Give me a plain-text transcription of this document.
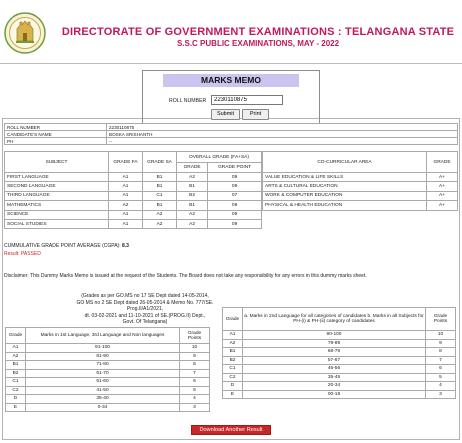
DIRECTORATE OF GOVERNMENT EXAMINATIONS : TELANGANA STATE
S.S.C PUBLIC EXAMINATIONS, MAY - 2022
MARKS MEMO
ROLL NUMBER
2230110875
Submit	Print
ROLL NUMBER	2230110875
CANDIDATE'S NAME	BOSKA SRISHANTH
PH	--
SUBJECT	GRADE FA	GRADE SA	OVERALL GRADE (FA+SA)	
			GRADE	GRADE POINT
FIRST LANGUAGE	A1	B1	A2	09
SECOND LANGUAGE	A1	B1	B1	08
THIRD LANGUAGE	A1	C1	B2	07
MATHEMATICS	A2	B1	B1	08
SCIENCE	A1	A2	A2	09
SOCIAL STUDIES	A1	A2	A2	09
CO-CURRICULAR AREA	GRADE
VALUE EDUCATION & LIFE SKILLS	A+
ARTS & CULTURAL EDUCATION	A+
WORK & COMPUTER EDUCATION	A+
PHYSICAL & HEALTH EDUCATION	A+
CUMMULATIVE GRADE POINT AVERAGE (CGPA): 8.3
Result: PASSED
Disclaimer: This Dummy Marks Memo is issued at the request of the Students. The Board does not take any responsibility for any errors in this dummy marks sheet.
(Grades as per GO.MS no 17 SE Dept dated 14-05-2014,
GO MS no 2 SE Dept dated 26-05-2014 & Memo No. 777/SE.
Prog.II/A1/2021,
dt. 03-02-2021 and 11-10-2021 of SE.(PROG.II) Dept.,
Govt. Of Telangana)
Grade	Marks in 1st Language, 3rd Language and Non languages	Grade Points
A1	91-100	10
A2	81-90	9
B1	71-80	8
B2	61-70	7
C1	51-60	6
C2	41-50	5
D	35-40	4
E	0-34	3
Grade	a. Marks in 2nd Language for all categories of candidates b. Marks in all Subjects for PH-(i) & PH-(ii) category of candidates	Grade Points
A1	90-100	10
A2	79-89	9
B1	68-78	8
B2	57-67	7
C1	46-56	6
C2	35-45	5
D	20-34	4
E	00-19	3
Download Another Result
